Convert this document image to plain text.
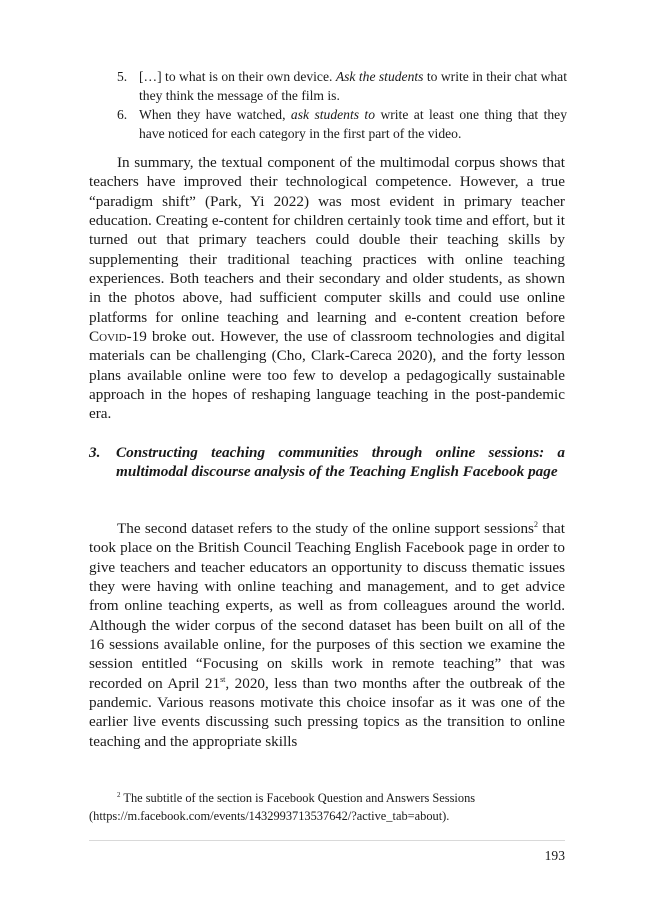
5. […] to what is on their own device. Ask the students to write in their chat what they think the message of the film is.
6. When they have watched, ask students to write at least one thing that they have noticed for each category in the first part of the video.

In summary, the textual component of the multimodal corpus shows that teachers have improved their technological competence. However, a true “paradigm shift” (Park, Yi 2022) was most evident in primary teacher education. Creating e-content for children certainly took time and effort, but it turned out that primary teachers could double their teaching skills by supplementing their traditional teaching practices with online teaching experiences. Both teachers and their secondary and older students, as shown in the photos above, had sufficient computer skills and could use online platforms for online teaching and learning and e-content creation before Covid-19 broke out. However, the use of classroom technologies and digital materials can be challenging (Cho, Clark-Careca 2020), and the forty lesson plans available online were too few to develop a pedagogically sustainable approach in the hopes of reshaping language teaching in the post-pandemic era.

3. Constructing teaching communities through online sessions: a multimodal discourse analysis of the Teaching English Facebook page

The second dataset refers to the study of the online support sessions$^2$ that took place on the British Council Teaching English Facebook page in order to give teachers and teacher educators an opportunity to discuss thematic issues they were having with online teaching and management, and to get advice from online teaching experts, as well as from colleagues around the world. Although the wider corpus of the second dataset has been built on all of the 16 sessions available online, for the purposes of this section we examine the session entitled “Focusing on skills work in remote teaching” that was recorded on April 21st, 2020, less than two months after the outbreak of the pandemic. Various reasons motivate this choice insofar as it was one of the earlier live events discussing such pressing topics as the transition to online teaching and the appropriate skills

$^2$ The subtitle of the section is Facebook Question and Answers Sessions (https://m.facebook.com/events/1432993713537642/?active_tab=about).

193
